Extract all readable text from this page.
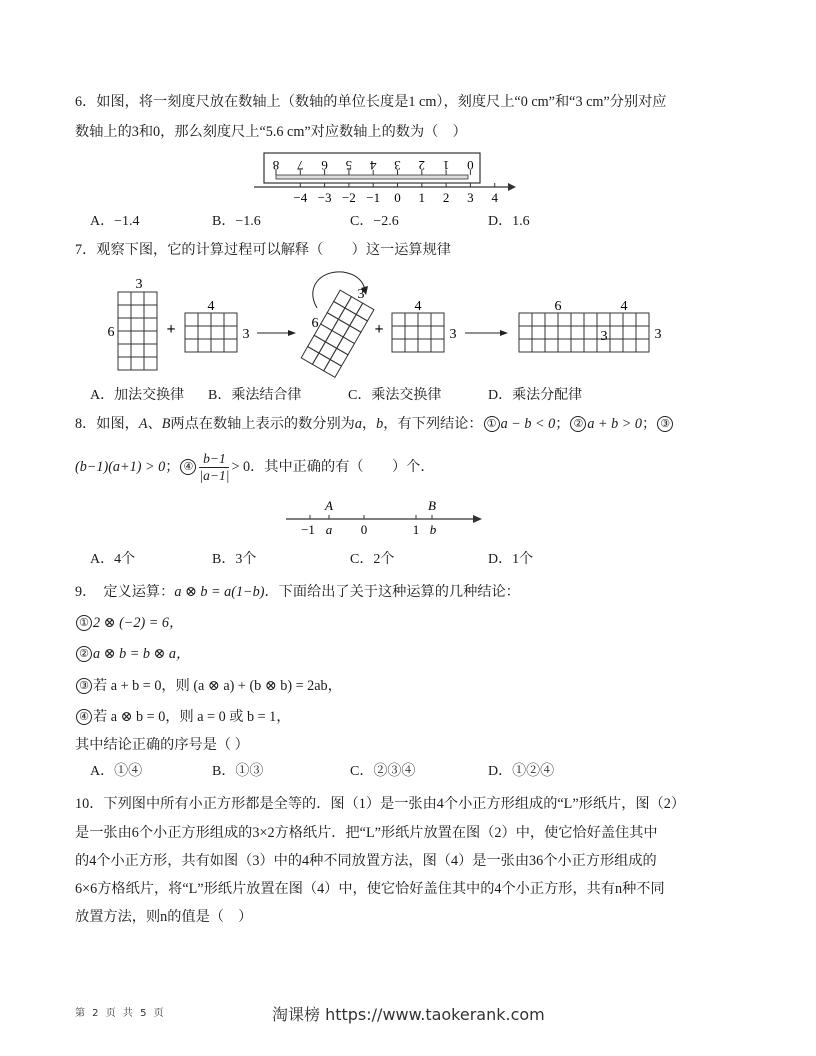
6．如图，将一刻度尺放在数轴上（数轴的单位长度是1 cm），刻度尺上“0 cm”和“3 cm”分别对应
数轴上的3和0，那么刻度尺上“5.6 cm”对应数轴上的数为（　）
8 7 6 5 4 3 2 1 0
−4 −3 −2 −1 0 1 2 3 4
A．−1.4	B．−1.6	C．−2.6	D．1.6
7．观察下图，它的计算过程可以解释（　　）这一运算规律
3
6	+
4
3
3
6	+
4
3
6	4
3	3
A．加法交换律 B．乘法结合律	C．乘法交换律	D．乘法分配律
8．如图，A、B两点在数轴上表示的数分别为a，b，有下列结论： ① a − b < 0； ② a + b > 0； ③
(b−1)(a+1) > 0； ④ $\frac{b-1}{|a-1|} > 0$．其中正确的有（　　）个．
A	B
−1 a 0	1 b
A．4个	B．3个	C．2个	D．1个
9．　定义运算：a ⊗ b = a(1−b)．下面给出了关于这种运算的几种结论：
① 2 ⊗ (−2) = 6，
② a ⊗ b = b ⊗ a，
③ 若 a + b = 0，则 (a ⊗ a) + (b ⊗ b) = 2ab，
④ 若 a ⊗ b = 0，则 a = 0 或 b = 1，
其中结论正确的序号是（ ）
A．①④	B．①③	C．②③④	D．①②④
10．下列图中所有小正方形都是全等的．图（1）是一张由4个小正方形组成的“L”形纸片，图（2）
是一张由6个小正方形组成的3×2方格纸片．把“L”形纸片放置在图（2）中，使它恰好盖住其中
的4个小正方形，共有如图（3）中的4种不同放置方法，图（4）是一张由36个小正方形组成的
6×6方格纸片，将“L”形纸片放置在图（4）中，使它恰好盖住其中的4个小正方形，共有n种不同
放置方法，则n的值是（　）
第 2 页 共 5 页	淘课榜 https://www.taokerank.com
